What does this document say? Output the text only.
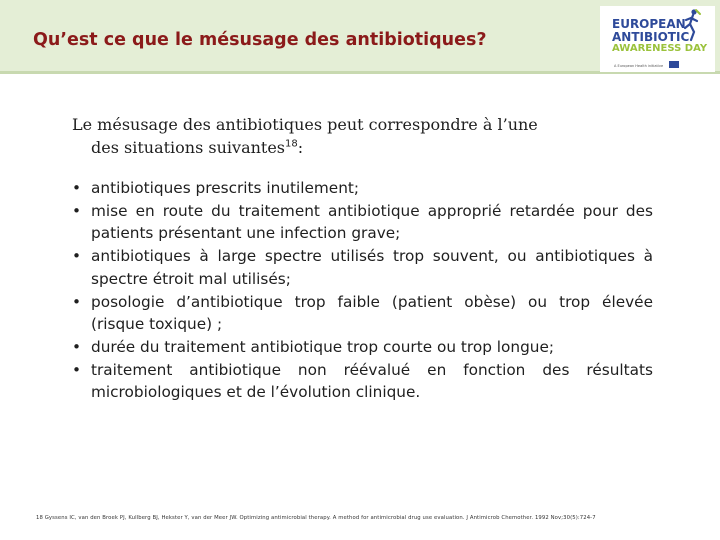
Qu’est ce que le mésusage des antibiotiques?
EUROPEAN
ANTIBIOTIC
AWARENESS DAY
A European Health initiative
Le mésusage des antibiotiques peut correspondre à l’une
des situations suivantes$^{18}$:
• antibiotiques prescrits inutilement;
• mise en route du traitement antibiotique approprié retardée pour des patients présentant une infection grave;
• antibiotiques à large spectre utilisés trop souvent, ou antibiotiques à spectre étroit mal utilisés;
• posologie d’antibiotique trop faible (patient obèse) ou trop élevée (risque toxique) ;
• durée du traitement antibiotique trop courte ou trop longue;
• traitement antibiotique non réévalué en fonction des résultats microbiologiques et de l’évolution clinique.
18 Gyssens IC, van den Broek PJ, Kullberg BJ, Hekster Y, van der Meer JW. Optimizing antimicrobial therapy. A method for antimicrobial drug use evaluation. J Antimicrob Chemother. 1992 Nov;30(5):724-7
